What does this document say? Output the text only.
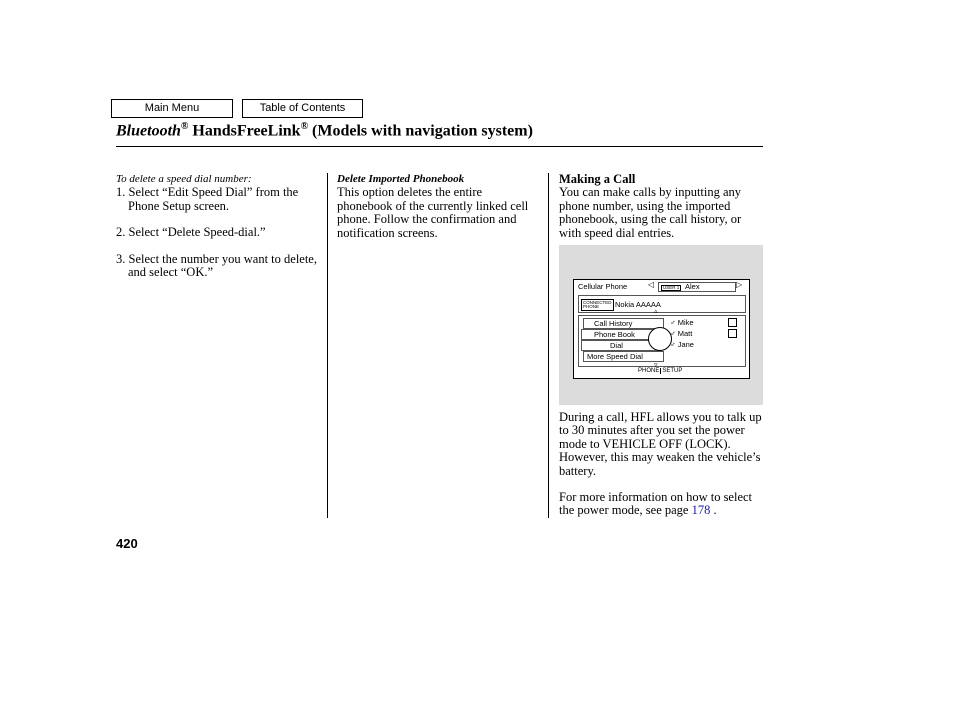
Main Menu	Table of Contents
Bluetooth® HandsFreeLink® (Models with navigation system)
To delete a speed dial number:

1. Select “Edit Speed Dial” from the Phone Setup screen.

2. Select “Delete Speed-dial.”

3. Select the number you want to delete, and select “OK.”

Delete Imported Phonebook
This option deletes the entire phonebook of the currently linked cell phone. Follow the confirmation and notification screens.
Making a Call
You can make calls by inputting any phone number, using the imported phonebook, using the call history, or with speed dial entries.
Cellular Phone	◁	USER 1 Alex	▷
CONNECTED
PHONE	Nokia AAAAA
Call History
Phone Book
Dial
More Speed Dial
▵
▿
♂ Mike
♂ Matt
♂ Jane
PHONE SETUP
During a call, HFL allows you to talk up to 30 minutes after you set the power mode to VEHICLE OFF (LOCK). However, this may weaken the vehicle’s battery.
For more information on how to select the power mode, see page 178 .
420
